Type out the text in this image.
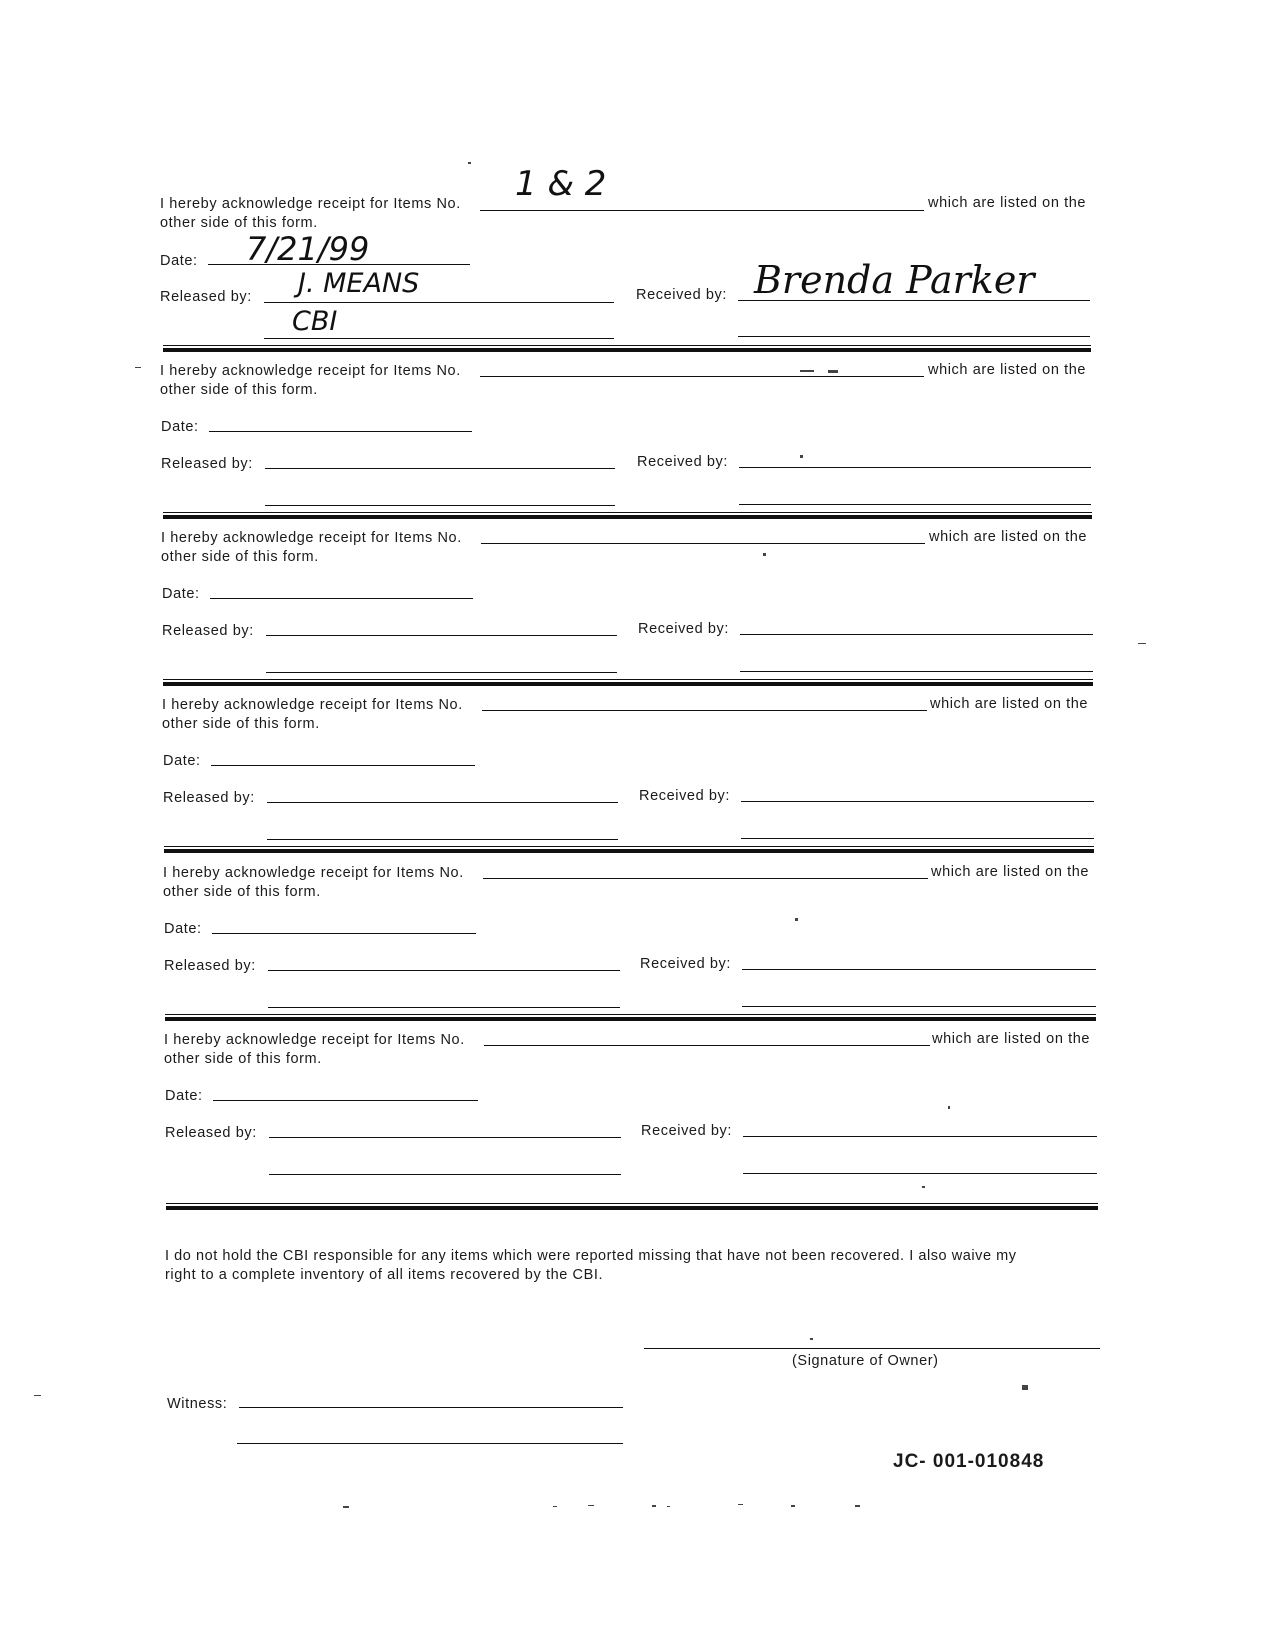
I hereby acknowledge receipt for Items No. 1 & 2	which are listed on the
other side of this form.
Date: 7/21/99
Released by: J. MEANS
CBI
Received by: Brenda Parker
I hereby acknowledge receipt for Items No.	which are listed on the
other side of this form.
Date:
Released by:	Received by:
I hereby acknowledge receipt for Items No.	which are listed on the
other side of this form.
Date:
Released by:	Received by:
I hereby acknowledge receipt for Items No.	which are listed on the
other side of this form.
Date:
Released by:	Received by:
I hereby acknowledge receipt for Items No.	which are listed on the
other side of this form.
Date:
Released by:	Received by:
I hereby acknowledge receipt for Items No.	which are listed on the
other side of this form.
Date:
Released by:	Received by:
I do not hold the CBI responsible for any items which were reported missing that have not been recovered. I also waive my
right to a complete inventory of all items recovered by the CBI.
(Signature of Owner)
Witness:
JC- 001-010848
